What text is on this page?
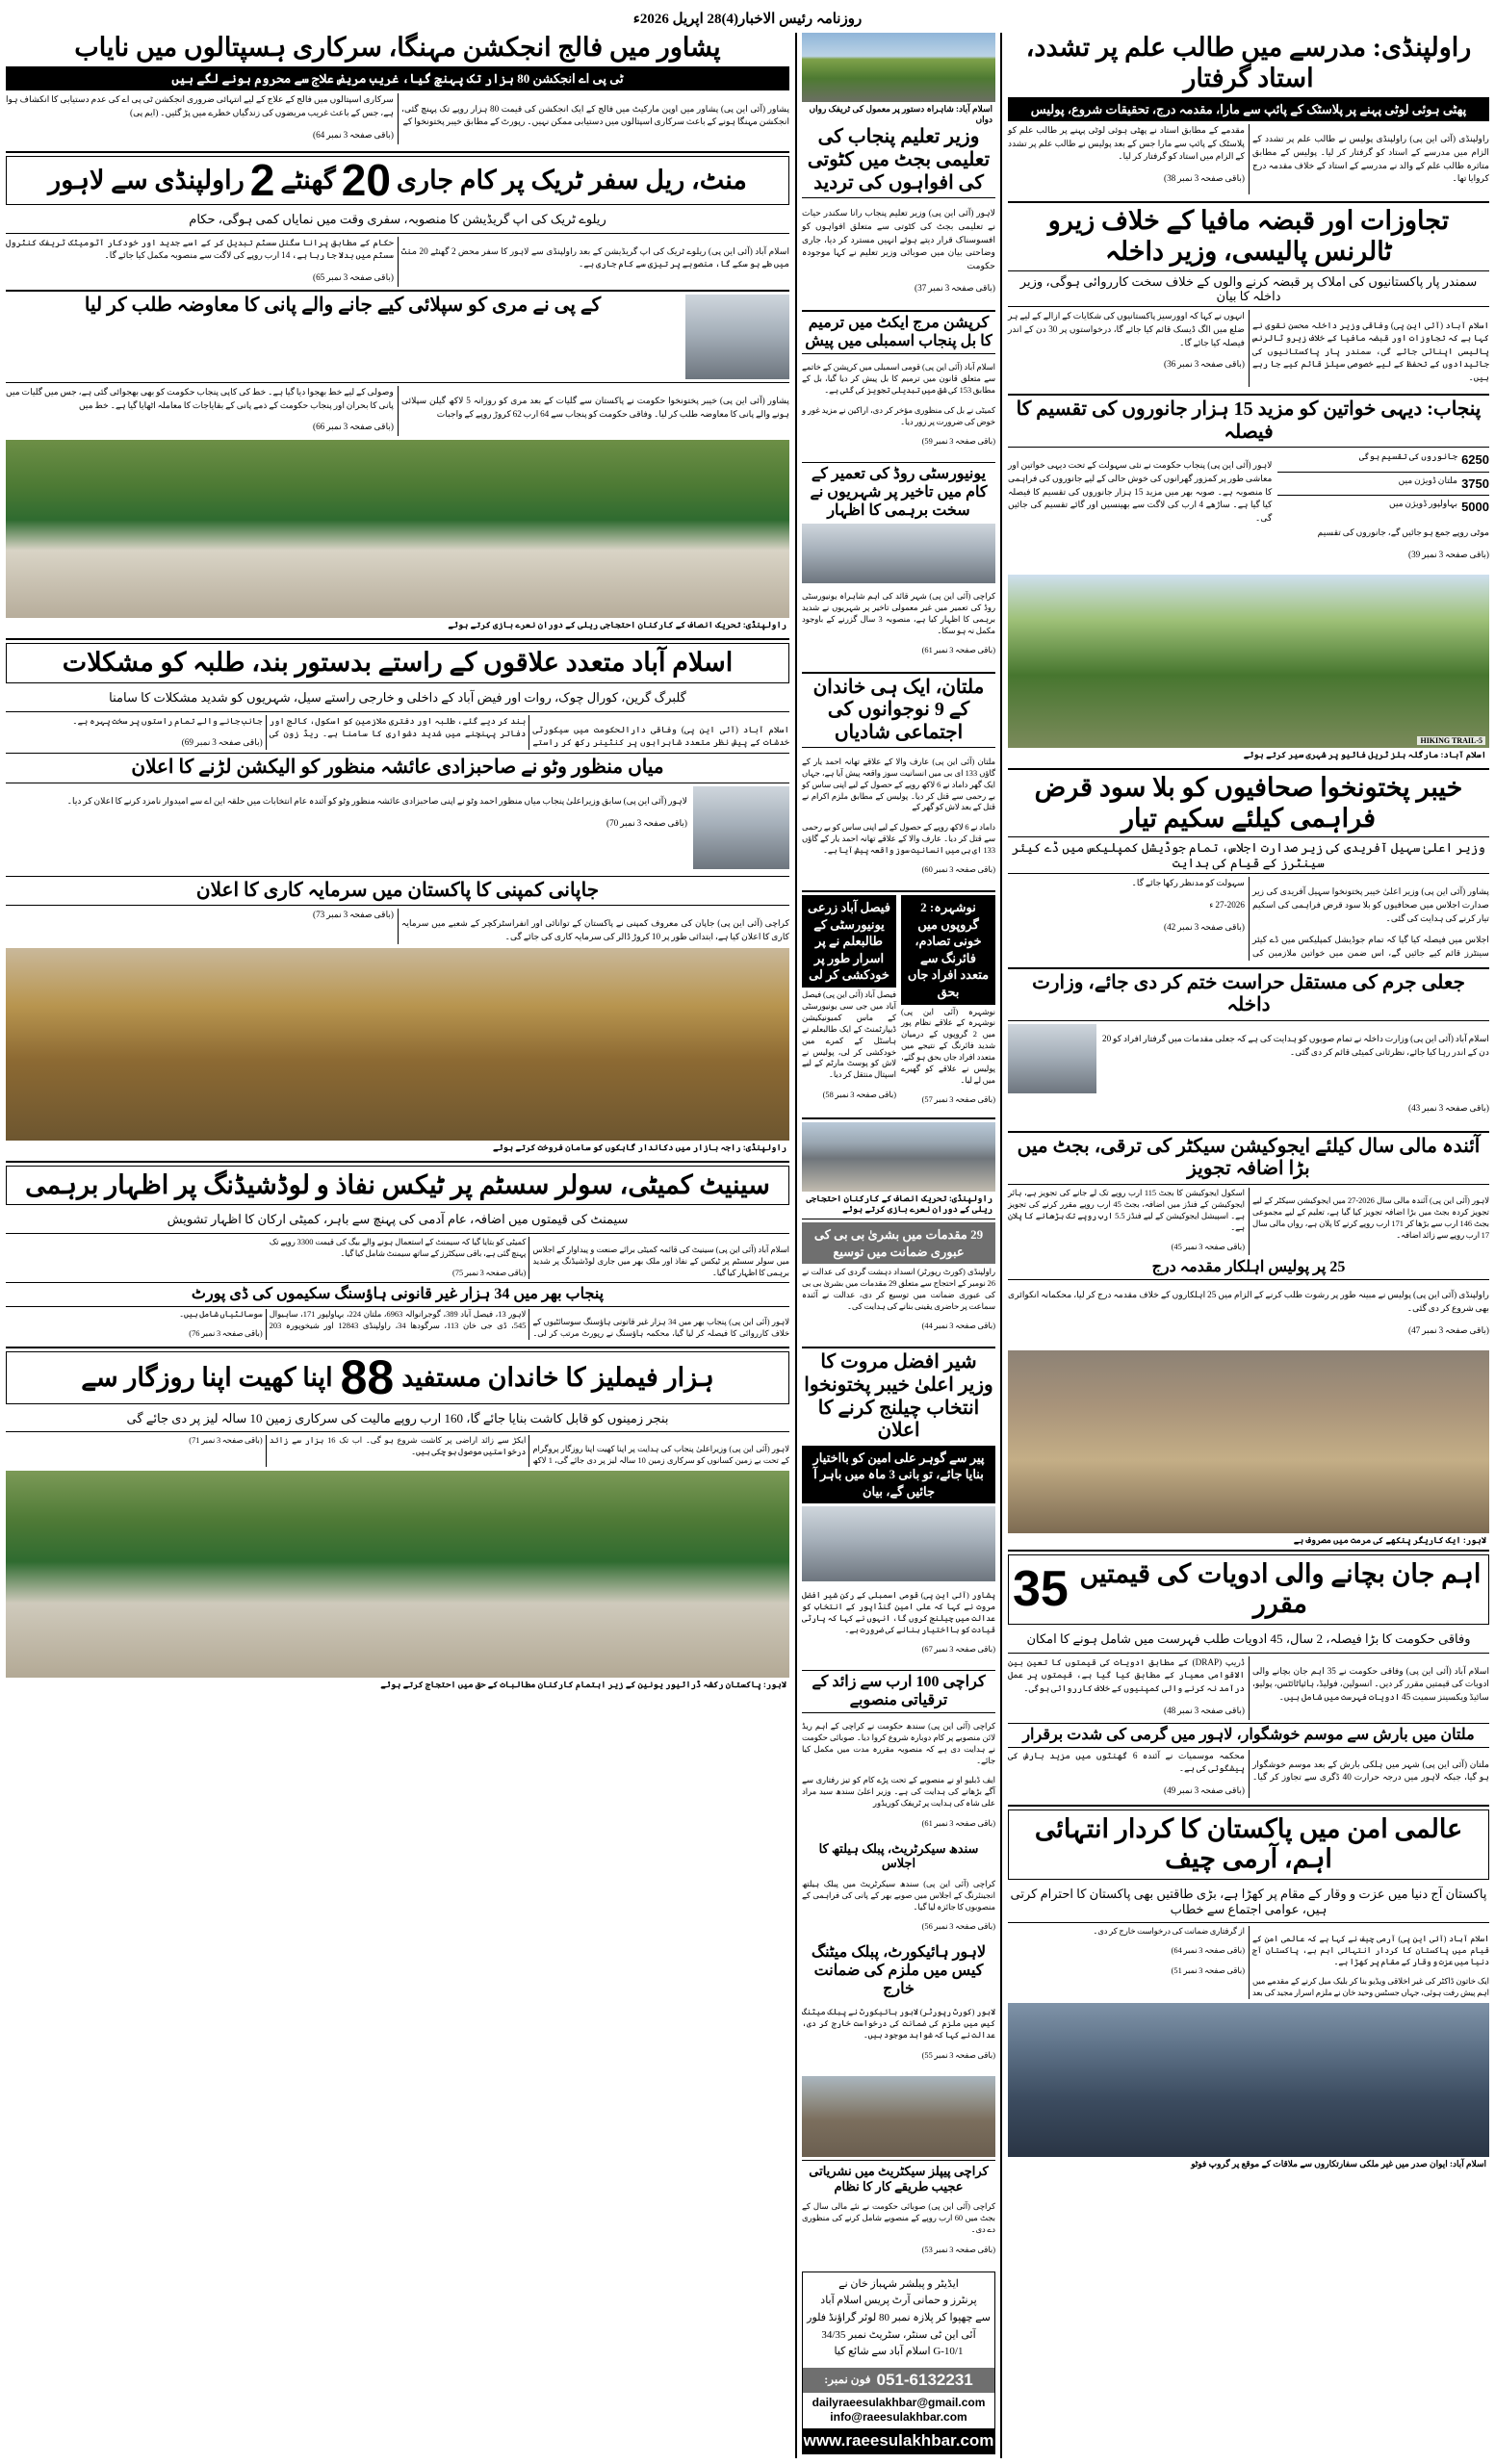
روزنامہ رئیس الاخبار(4)28 اپریل 2026ء
راولپنڈی: مدرسے میں طالب علم پر تشدد، استاد گرفتار
پھٹی ہوئی لوٹی پہنے پر پلاسٹک کے پائپ سے مارا، مقدمہ درج، تحقیقات شروع، پولیس

راولپنڈی (آئی این پی) راولپنڈی پولیس نے طالب علم پر تشدد کے الزام میں مدرسے کے استاد کو گرفتار کر لیا۔ پولیس کے مطابق متاثرہ طالب علم کے والد نے مدرسے کے استاد کے خلاف مقدمہ درج کروایا تھا۔

مقدمے کے مطابق استاد نے پھٹی ہوئی لوٹی پہنے پر طالب علم کو پلاسٹک کے پائپ سے مارا جس کے بعد پولیس نے طالب علم پر تشدد کے الزام میں استاد کو گرفتار کر لیا۔

(باقی صفحہ 3 نمبر 38)

تجاوزات اور قبضہ مافیا کے خلاف زیرو ٹالرنس پالیسی، وزیر داخلہ
سمندر پار پاکستانیوں کی املاک پر قبضہ کرنے والوں کے خلاف سخت کارروائی ہوگی، وزیر داخلہ کا بیان

اسلام آباد (آئی این پی) وفاقی وزیر داخلہ محسن نقوی نے کہا ہے کہ تجاوزات اور قبضہ مافیا کے خلاف زیرو ٹالرنس پالیسی اپنائی جائے گی، سمندر پار پاکستانیوں کی جائیدادوں کے تحفظ کے لیے خصوصی سیلز قائم کیے جا رہے ہیں۔

انہوں نے کہا کہ اوورسیز پاکستانیوں کی شکایات کے ازالے کے لیے ہر ضلع میں الگ ڈیسک قائم کیا جائے گا، درخواستوں پر 30 دن کے اندر فیصلہ کیا جائے گا۔

(باقی صفحہ 3 نمبر 36)

پنجاب: دیہی خواتین کو مزید 15 ہزار جانوروں کی تقسیم کا فیصلہ
6250
جانوروں کی تقسیم ہوگی
3750
ملتان ڈویژن میں
5000
بہاولپور ڈویژن میں

موٹی روپے جمع ہو جائیں گے، جانوروں کی تقسیم

(باقی صفحہ 3 نمبر 39)

لاہور (آئی این پی) پنجاب حکومت نے نئی سہولت کے تحت دیہی خواتین اور معاشی طور پر کمزور گھرانوں کی خوش حالی کے لیے جانوروں کی فراہمی کا منصوبہ ہے۔ صوبہ بھر میں مزید 15 ہزار جانوروں کی تقسیم کا فیصلہ کیا گیا ہے۔ ساڑھے 4 ارب کی لاگت سے بھینسیں اور گائے تقسیم کی جائیں گی۔

HIKING TRAIL-5
اسلام آباد: مارگلہ ہلز ٹریل فائیو پر شہری سیر کرتے ہوئے
خیبر پختونخوا صحافیوں کو بلا سود قرض فراہمی کیلئے سکیم تیار
وزیر اعلیٰ سہیل آفریدی کی زیر صدارت اجلاس، تمام جوڈیشل کمپلیکس میں ڈے کیئر سینٹرز کے قیام کی ہدایت

پشاور (آئی این پی) وزیر اعلیٰ خیبر پختونخوا سہیل آفریدی کی زیر صدارت اجلاس میں صحافیوں کو بلا سود قرض فراہمی کی اسکیم تیار کرنے کی ہدایت کی گئی۔

اجلاس میں فیصلہ کیا گیا کہ تمام جوڈیشل کمپلیکس میں ڈے کیئر سینٹرز قائم کیے جائیں گے، اس ضمن میں خواتین ملازمین کی سہولت کو مدنظر رکھا جائے گا۔

27-2026 ء

(باقی صفحہ 3 نمبر 42)

جعلی جرم کی مستقل حراست ختم کر دی جائے، وزارت داخلہ

اسلام آباد (آئی این پی) وزارت داخلہ نے تمام صوبوں کو ہدایت کی ہے کہ جعلی مقدمات میں گرفتار افراد کو 20 دن کے اندر رہا کیا جائے، نظرثانی کمیٹی قائم کر دی گئی۔

(باقی صفحہ 3 نمبر 43)

آئندہ مالی سال کیلئے ایجوکیشن سیکٹر کی ترقی، بجٹ میں بڑا اضافہ تجویز

لاہور (آئی این پی) آئندہ مالی سال 2026-27 میں ایجوکیشن سیکٹر کے لیے تجویز کردہ بجٹ میں بڑا اضافہ تجویز کیا گیا ہے، تعلیم کے لیے مجموعی بجٹ 146 ارب سے بڑھا کر 171 ارب روپے کرنے کا پلان ہے، رواں مالی سال 17 ارب روپے سے زائد اضافہ۔

اسکول ایجوکیشن کا بجٹ 115 ارب روپے تک لے جانے کی تجویز ہے، ہائر ایجوکیشن کے فنڈز میں اضافہ، بجٹ 45 ارب روپے مقرر کرنے کی تجویز ہے۔ اسپیشل ایجوکیشن کے لیے فنڈز 5.5 ارب روپے تک بڑھانے کا پلان ہے۔

(باقی صفحہ 3 نمبر 45)

25 پر پولیس اہلکار مقدمہ درج

راولپنڈی (آئی این پی) پولیس نے مبینہ طور پر رشوت طلب کرنے کے الزام میں 25 اہلکاروں کے خلاف مقدمہ درج کر لیا، محکمانہ انکوائری بھی شروع کر دی گئی۔

(باقی صفحہ 3 نمبر 47)

لاہور: ایک کاریگر پنکھے کی مرمت میں مصروف ہے
اہم جان بچانے والی ادویات کی قیمتیں مقرر
35
وفاقی حکومت کا بڑا فیصلہ، 2 سال، 45 ادویات طلب فہرست میں شامل ہونے کا امکان

اسلام آباد (آئی این پی) وفاقی حکومت نے 35 اہم جان بچانے والی ادویات کی قیمتیں مقرر کر دیں۔ انسولین، فولیڈ، ہائپاٹائٹس، پولیو، سائیڈ ویکسینز سمیت 45 ادویات فہرست میں شامل ہیں۔

ڈریپ (DRAP) کے مطابق ادویات کی قیمتوں کا تعین بین الاقوامی معیار کے مطابق کیا گیا ہے، قیمتوں پر عمل درآمد نہ کرنے والی کمپنیوں کے خلاف کارروائی ہوگی۔

(باقی صفحہ 3 نمبر 48)

ملتان میں بارش سے موسم خوشگوار، لاہور میں گرمی کی شدت برقرار

ملتان (آئی این پی) شہر میں ہلکی بارش کے بعد موسم خوشگوار ہو گیا، جبکہ لاہور میں درجہ حرارت 40 ڈگری سے تجاوز کر گیا۔ محکمہ موسمیات نے آئندہ 6 گھنٹوں میں مزید بارش کی پیشگوئی کی ہے۔

(باقی صفحہ 3 نمبر 49)

عالمی امن میں پاکستان کا کردار انتہائی اہم، آرمی چیف
پاکستان آج دنیا میں عزت و وقار کے مقام پر کھڑا ہے، بڑی طاقتیں بھی پاکستان کا احترام کرتی ہیں، عوامی اجتماع سے خطاب

اسلام آباد (آئی این پی) آرمی چیف نے کہا ہے کہ عالمی امن کے قیام میں پاکستان کا کردار انتہائی اہم ہے، پاکستان آج دنیا میں عزت و وقار کے مقام پر کھڑا ہے۔

ایک خاتون ڈاکٹر کی غیر اخلاقی ویڈیو بنا کر بلیک میل کرنے کے مقدمے میں اہم پیش رفت ہوئی، جہاں جسٹس وحید خان نے ملزم اسرار مجید کی بعد از گرفتاری ضمانت کی درخواست خارج کر دی۔

(باقی صفحہ 3 نمبر 64)

(باقی صفحہ 3 نمبر 51)

اسلام آباد: ایوان صدر میں غیر ملکی سفارتکاروں سے ملاقات کے موقع پر گروپ فوٹو
اسلام آباد: شاہراہ دستور پر معمول کی ٹریفک رواں دواں
وزیر تعلیم پنجاب کی تعلیمی بجٹ میں کٹوتی کی افواہوں کی تردید

لاہور (آئی این پی) وزیر تعلیم پنجاب رانا سکندر حیات نے تعلیمی بجٹ کی کٹوتی سے متعلق افواہوں کو افسوسناک قرار دیتے ہوئے انہیں مسترد کر دیا، جاری وضاحتی بیان میں صوبائی وزیر تعلیم نے کہا موجودہ حکومت

(باقی صفحہ 3 نمبر 37)

کرپشن مرج ایکٹ میں ترمیم کا بل پنجاب اسمبلی میں پیش

اسلام آباد (آئی این پی) قومی اسمبلی میں کرپشن کے خاتمے سے متعلق قانون میں ترمیم کا بل پیش کر دیا گیا، بل کے مطابق 153 کی شق میں تبدیلی تجویز کی گئی ہے۔

کمیٹی نے بل کی منظوری مؤخر کر دی، اراکین نے مزید غور و خوض کی ضرورت پر زور دیا۔

(باقی صفحہ 3 نمبر 59)

یونیورسٹی روڈ کی تعمیر کے کام میں تاخیر پر شہریوں نے سخت برہمی کا اظہار

کراچی (آئی این پی) شہر قائد کی اہم شاہراہ یونیورسٹی روڈ کی تعمیر میں غیر معمولی تاخیر پر شہریوں نے شدید برہمی کا اظہار کیا ہے، منصوبہ 3 سال گزرنے کے باوجود مکمل نہ ہو سکا۔

(باقی صفحہ 3 نمبر 61)

ملتان، ایک ہی خاندان کے 9 نوجوانوں کی اجتماعی شادیاں

ملتان (آئی این پی) عارف والا کے علاقے تھانہ احمد یار کے گاؤں 133 ای بی میں انسانیت سوز واقعہ پیش آیا ہے، جہاں ایک گھر داماد نے 6 لاکھ روپے کے حصول کے لیے اپنی ساس کو بے رحمی سے قتل کر دیا۔ پولیس کے مطابق ملزم اکرام نے قتل کے بعد لاش کو گھر کے

داماد نے 6 لاکھ روپے کے حصول کے لیے اپنی ساس کو بے رحمی سے قتل کر دیا۔ عارف والا کے علاقے تھانہ احمد یار کے گاؤں 133 ای بی میں انسانیت سوز واقعہ پیش آیا ہے۔

(باقی صفحہ 3 نمبر 60)

نوشہرہ: 2 گروپوں میں خونی تصادم، فائرنگ سے متعدد افراد جاں بحق

نوشہرہ (آئی این پی) نوشہرہ کے علاقے نظام پور میں 2 گروپوں کے درمیان شدید فائرنگ کے نتیجے میں متعدد افراد جاں بحق ہو گئے، پولیس نے علاقے کو گھیرے میں لے لیا۔

(باقی صفحہ 3 نمبر 57)

فیصل آباد زرعی یونیورسٹی کے طالبعلم نے پر اسرار طور پر خودکشی کر لی

فیصل آباد (آئی این پی) فیصل آباد میں جی سی یونیورسٹی کے ماس کمیونیکیشن ڈیپارٹمنٹ کے ایک طالبعلم نے ہاسٹل کے کمرے میں خودکشی کر لی، پولیس نے لاش کو پوسٹ مارٹم کے لیے اسپتال منتقل کر دیا۔

(باقی صفحہ 3 نمبر 58)

راولپنڈی: تحریک انصاف کے کارکنان احتجاجی ریلی کے دوران نعرے بازی کرتے ہوئے
29 مقدمات میں بشریٰ بی بی کی عبوری ضمانت میں توسیع

راولپنڈی (کورٹ رپورٹر) انسداد دہشت گردی کی عدالت نے 26 نومبر کے احتجاج سے متعلق 29 مقدمات میں بشریٰ بی بی کی عبوری ضمانت میں توسیع کر دی، عدالت نے آئندہ سماعت پر حاضری یقینی بنانے کی ہدایت کی۔

(باقی صفحہ 3 نمبر 44)

شیر افضل مروت کا وزیر اعلیٰ خیبر پختونخوا انتخاب چیلنج کرنے کا اعلان
پیر سے گوہر علی امین کو بااختیار بنایا جائے، تو بانی 3 ماہ میں باہر آ جائیں گے، بیان

پشاور (آئی این پی) قومی اسمبلی کے رکن شیر افضل مروت نے کہا کہ علی امین گنڈاپور کے انتخاب کو عدالت میں چیلنج کروں گا، انہوں نے کہا کہ پارٹی قیادت کو بااختیار بنانے کی ضرورت ہے۔

(باقی صفحہ 3 نمبر 67)

کراچی 100 ارب سے زائد کے ترقیاتی منصوبے

کراچی (آئی این پی) سندھ حکومت نے کراچی کے اہم ریڈ لائن منصوبے پر کام دوبارہ شروع کروا دیا۔ صوبائی حکومت نے ہدایت دی ہے کہ منصوبہ مقررہ مدت میں مکمل کیا جائے۔

ایف ڈبلیو او نے منصوبے کے تحت پڑے کام کو تیز رفتاری سے آگے بڑھانے کی ہدایت کی ہے۔ وزیر اعلیٰ سندھ سید مراد علی شاہ کی ہدایت پر ٹریفک کوریڈور

(باقی صفحہ 3 نمبر 61)

سندھ سیکرٹریٹ، پبلک ہیلتھ کا اجلاس

کراچی (آئی این پی) سندھ سیکرٹریٹ میں پبلک ہیلتھ انجینئرنگ کے اجلاس میں صوبے بھر کے پانی کی فراہمی کے منصوبوں کا جائزہ لیا گیا۔

(باقی صفحہ 3 نمبر 56)

لاہور ہائیکورٹ، پبلک میٹنگ کیس میں ملزم کی ضمانت خارج

لاہور (کورٹ رپورٹر) لاہور ہائیکورٹ نے پبلک میٹنگ کیس میں ملزم کی ضمانت کی درخواست خارج کر دی، عدالت نے کہا کہ شواہد موجود ہیں۔

(باقی صفحہ 3 نمبر 55)

کراچی پیپلز سیکٹریٹ میں نشریاتی عجیب طریقے کار کا نظام

کراچی (آئی این پی) صوبائی حکومت نے نئے مالی سال کے بجٹ میں 60 ارب روپے کے منصوبے شامل کرنے کی منظوری دے دی۔

(باقی صفحہ 3 نمبر 53)

ایڈیٹر و پبلشر شہباز خان نے
پرنٹرز و حمانی آرٹ پریس اسلام آباد
سے چھپوا کر پلازہ نمبر 80 لوئر گراؤنڈ فلور
آئی این ٹی سنٹر، سٹریٹ نمبر 34/35
G-10/1 اسلام آباد سے شائع کیا
051-6132231
فون نمبر:
dailyraeesulakhbar@gmail.com
info@raeesulakhbar.com
www.raeesulakhbar.com
پشاور میں فالج انجکشن مہنگا، سرکاری ہسپتالوں میں نایاب
ٹی پی اے انجکشن 80 ہزار تک پہنچ گیا، غریب مریض علاج سے محروم ہونے لگے ہیں

پشاور (آئی این پی) پشاور میں اوپن مارکیٹ میں فالج کے ایک انجکشن کی قیمت 80 ہزار روپے تک پہنچ گئی، انجکشن مہنگا ہونے کے باعث سرکاری اسپتالوں میں دستیابی ممکن نہیں۔ رپورٹ کے مطابق خیبر پختونخوا کے

سرکاری اسپتالوں میں فالج کے علاج کے لیے انتہائی ضروری انجکشن ٹی پی اے کی عدم دستیابی کا انکشاف ہوا ہے، جس کے باعث غریب مریضوں کی زندگیاں خطرے میں پڑ گئیں۔ (ایم پی)

(باقی صفحہ 3 نمبر 64)

منٹ، ریل سفر ٹریک پر کام جاری
20
گھنٹے
2
راولپنڈی سے لاہور
ریلوے ٹریک کی اپ گریڈیشن کا منصوبہ، سفری وقت میں نمایاں کمی ہوگی، حکام

اسلام آباد (آئی این پی) ریلوے ٹریک کی اپ گریڈیشن کے بعد راولپنڈی سے لاہور کا سفر محض 2 گھنٹے 20 منٹ میں طے ہو سکے گا، منصوبے پر تیزی سے کام جاری ہے۔

حکام کے مطابق پرانا سگنل سسٹم تبدیل کر کے اسے جدید اور خودکار آٹومیٹک ٹریفک کنٹرول سسٹم میں بدلا جا رہا ہے، 14 ارب روپے کی لاگت سے منصوبہ مکمل کیا جائے گا۔

(باقی صفحہ 3 نمبر 65)

کے پی نے مری کو سپلائی کیے جانے والے پانی کا معاوضہ طلب کر لیا

پشاور (آئی این پی) خیبر پختونخوا حکومت نے پاکستان سے گلیات کے بعد مری کو روزانہ 5 لاکھ گیلن سپلائی ہونے والے پانی کا معاوضہ طلب کر لیا۔ وفاقی حکومت کو پنجاب سے 64 ارب 62 کروڑ روپے کے واجبات

وصولی کے لیے خط بھجوا دیا گیا ہے۔ خط کی کاپی پنجاب حکومت کو بھی بھجوائی گئی ہے، جس میں گلیات میں پانی کا بحران اور پنجاب حکومت کے ذمے پانی کے بقایاجات کا معاملہ اٹھایا گیا ہے۔ خط میں

(باقی صفحہ 3 نمبر 66)

راولپنڈی: تحریک انصاف کے کارکنان احتجاجی ریلی کے دوران نعرے بازی کرتے ہوئے
اسلام آباد متعدد علاقوں کے راستے بدستور بند، طلبہ کو مشکلات
گلبرگ گرین، کورال چوک، روات اور فیض آباد کے داخلی و خارجی راستے سیل، شہریوں کو شدید مشکلات کا سامنا

اسلام آباد (آئی این پی) وفاقی دارالحکومت میں سیکورٹی خدشات کے پیش نظر متعدد شاہراہوں پر کنٹینر رکھ کر راستے بند کر دیے گئے، طلبہ اور دفتری ملازمین کو اسکول، کالج اور دفاتر پہنچنے میں شدید دشواری کا سامنا ہے۔ ریڈ زون کی جانب جانے والے تمام راستوں پر سخت پہرہ ہے۔

(باقی صفحہ 3 نمبر 69)

میاں منظور وٹو نے صاحبزادی عائشہ منظور کو الیکشن لڑنے کا اعلان

لاہور (آئی این پی) سابق وزیراعلیٰ پنجاب میاں منظور احمد وٹو نے اپنی صاحبزادی عائشہ منظور وٹو کو آئندہ عام انتخابات میں حلقہ این اے سے امیدوار نامزد کرنے کا اعلان کر دیا۔

(باقی صفحہ 3 نمبر 70)

جاپانی کمپنی کا پاکستان میں سرمایہ کاری کا اعلان

کراچی (آئی این پی) جاپان کی معروف کمپنی نے پاکستان کے توانائی اور انفراسٹرکچر کے شعبے میں سرمایہ کاری کا اعلان کیا ہے، ابتدائی طور پر 10 کروڑ ڈالر کی سرمایہ کاری کی جائے گی۔

(باقی صفحہ 3 نمبر 73)

راولپنڈی: راجہ بازار میں دکاندار گاہکوں کو سامان فروخت کرتے ہوئے
سینیٹ کمیٹی، سولر سسٹم پر ٹیکس نفاذ و لوڈشیڈنگ پر اظہار برہمی
سیمنٹ کی قیمتوں میں اضافہ، عام آدمی کی پہنچ سے باہر، کمیٹی ارکان کا اظہار تشویش

اسلام آباد (آئی این پی) سینیٹ کی قائمہ کمیٹی برائے صنعت و پیداوار کے اجلاس میں سولر سسٹم پر ٹیکس کے نفاذ اور ملک بھر میں جاری لوڈشیڈنگ پر شدید برہمی کا اظہار کیا گیا۔

کمیٹی کو بتایا گیا کہ سیمنٹ کے استعمال ہونے والے بیگ کی قیمت 3300 روپے تک پہنچ گئی ہے، باقی سیکٹرز کے ساتھ سیمنٹ شامل کیا گیا۔

(باقی صفحہ 3 نمبر 75)

پنجاب بھر میں 34 ہزار غیر قانونی ہاؤسنگ سکیموں کی ڈی پورٹ

لاہور (آئی این پی) پنجاب بھر میں 34 ہزار غیر قانونی ہاؤسنگ سوسائٹیوں کے خلاف کارروائی کا فیصلہ کر لیا گیا، محکمہ ہاؤسنگ نے رپورٹ مرتب کر لی۔ لاہور 13، فیصل آباد 389، گوجرانوالہ 6963، ملتان 224، بہاولپور 171، ساہیوال 545، ڈی جی خان 113، سرگودھا 34، راولپنڈی 12843 اور شیخوپورہ 203 سوسائٹیاں شامل ہیں۔

(باقی صفحہ 3 نمبر 76)

ہزار فیملیز کا خاندان مستفید
88
اپنا کھیت اپنا روزگار سے
بنجر زمینوں کو قابل کاشت بنایا جائے گا، 160 ارب روپے مالیت کی سرکاری زمین 10 سالہ لیز پر دی جائے گی

لاہور (آئی این پی) وزیراعلیٰ پنجاب کی ہدایت پر اپنا کھیت اپنا روزگار پروگرام کے تحت بے زمین کسانوں کو سرکاری زمین 10 سالہ لیز پر دی جائے گی، 1 لاکھ ایکڑ سے زائد اراضی پر کاشت شروع ہو گی۔ اب تک 16 ہزار سے زائد درخواستیں موصول ہو چکی ہیں۔

(باقی صفحہ 3 نمبر 71)

لاہور: پاکستان رکشہ ڈرائیور یونین کے زیر اہتمام کارکنان مطالبات کے حق میں احتجاج کرتے ہوئے
